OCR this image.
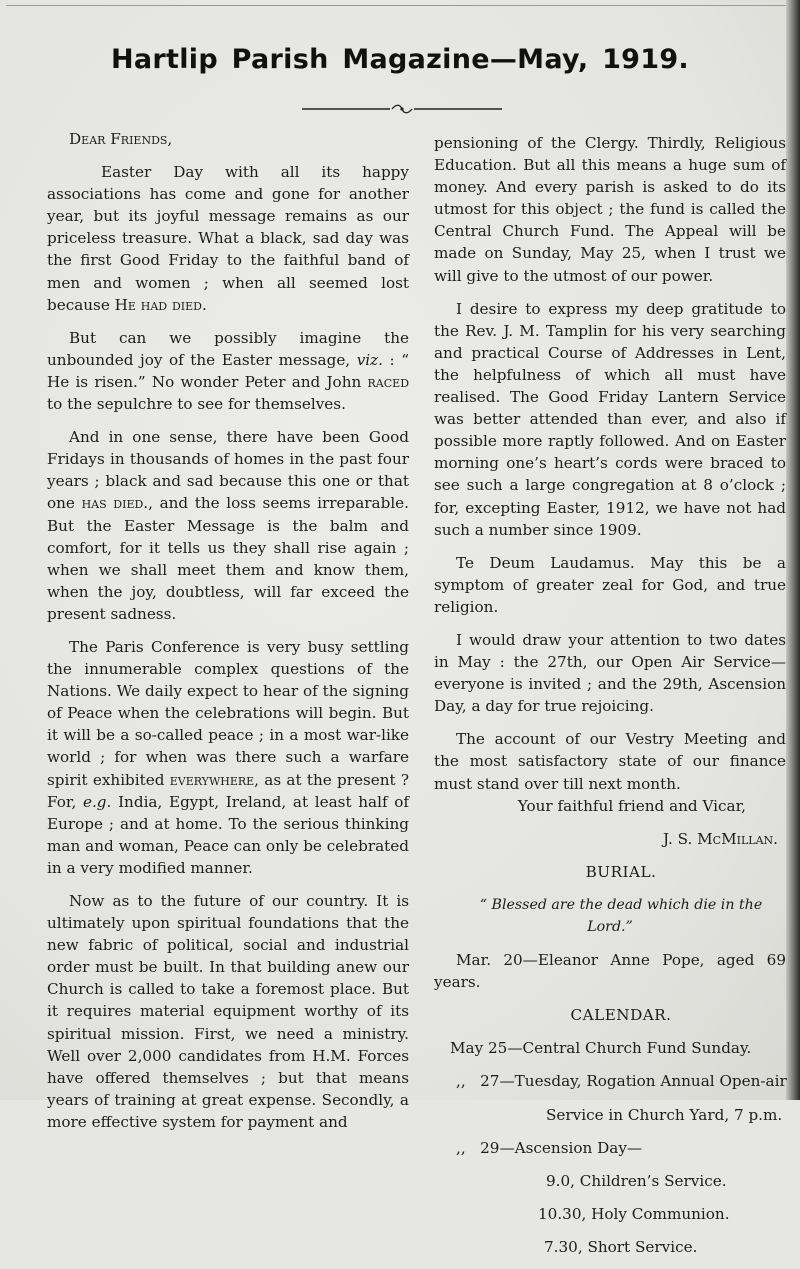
Hartlip Parish Magazine—May, 1919.

Dear Friends,

Easter Day with all its happy associations has come and gone for another year, but its joyful message remains as our priceless treasure. What a black, sad day was the first Good Friday to the faithful band of men and women ; when all seemed lost because He had died.

But can we possibly imagine the unbounded joy of the Easter message, viz. : “ He is risen.” No wonder Peter and John raced to the sepulchre to see for themselves.

And in one sense, there have been Good Fridays in thousands of homes in the past four years ; black and sad because this one or that one has died., and the loss seems irreparable. But the Easter Message is the balm and comfort, for it tells us they shall rise again ; when we shall meet them and know them, when the joy, doubtless, will far exceed the present sadness.

The Paris Conference is very busy settling the innumerable complex questions of the Nations. We daily expect to hear of the signing of Peace when the celebrations will begin. But it will be a so-called peace ; in a most war-like world ; for when was there such a warfare spirit exhibited everywhere, as at the present ? For, e.g. India, Egypt, Ireland, at least half of Europe ; and at home. To the serious thinking man and woman, Peace can only be celebrated in a very modified manner.

Now as to the future of our country. It is ultimately upon spiritual foundations that the new fabric of political, social and industrial order must be built. In that building anew our Church is called to take a foremost place. But it requires material equipment worthy of its spiritual mission. First, we need a ministry. Well over 2,000 candidates from H.M. Forces have offered themselves ; but that means years of training at great expense. Secondly, a more effective system for payment and

pensioning of the Clergy. Thirdly, Religious Education. But all this means a huge sum of money. And every parish is asked to do its utmost for this object ; the fund is called the Central Church Fund. The Appeal will be made on Sunday, May 25, when I trust we will give to the utmost of our power.

I desire to express my deep gratitude to the Rev. J. M. Tamplin for his very searching and practical Course of Addresses in Lent, the helpfulness of which all must have realised. The Good Friday Lantern Service was better attended than ever, and also if possible more raptly followed. And on Easter morning one’s heart’s cords were braced to see such a large congregation at 8 o’clock ; for, excepting Easter, 1912, we have not had such a number since 1909.

Te Deum Laudamus. May this be a symptom of greater zeal for God, and true religion.

I would draw your attention to two dates in May : the 27th, our Open Air Service—everyone is invited ; and the 29th, Ascension Day, a day for true rejoicing.

The account of our Vestry Meeting and the most satisfactory state of our finance must stand over till next month.

Your faithful friend and Vicar,

J. S. McMillan.

BURIAL.

“ Blessed are the dead which die in the Lord.”

Mar. 20—Eleanor Anne Pope, aged 69 years.

CALENDAR.

May 25—Central Church Fund Sunday.

,,   27—Tuesday, Rogation Annual Open-air

Service in Church Yard, 7 p.m.

,,   29—Ascension Day—

9.0, Children’s Service.

10.30, Holy Communion.

7.30, Short Service.
